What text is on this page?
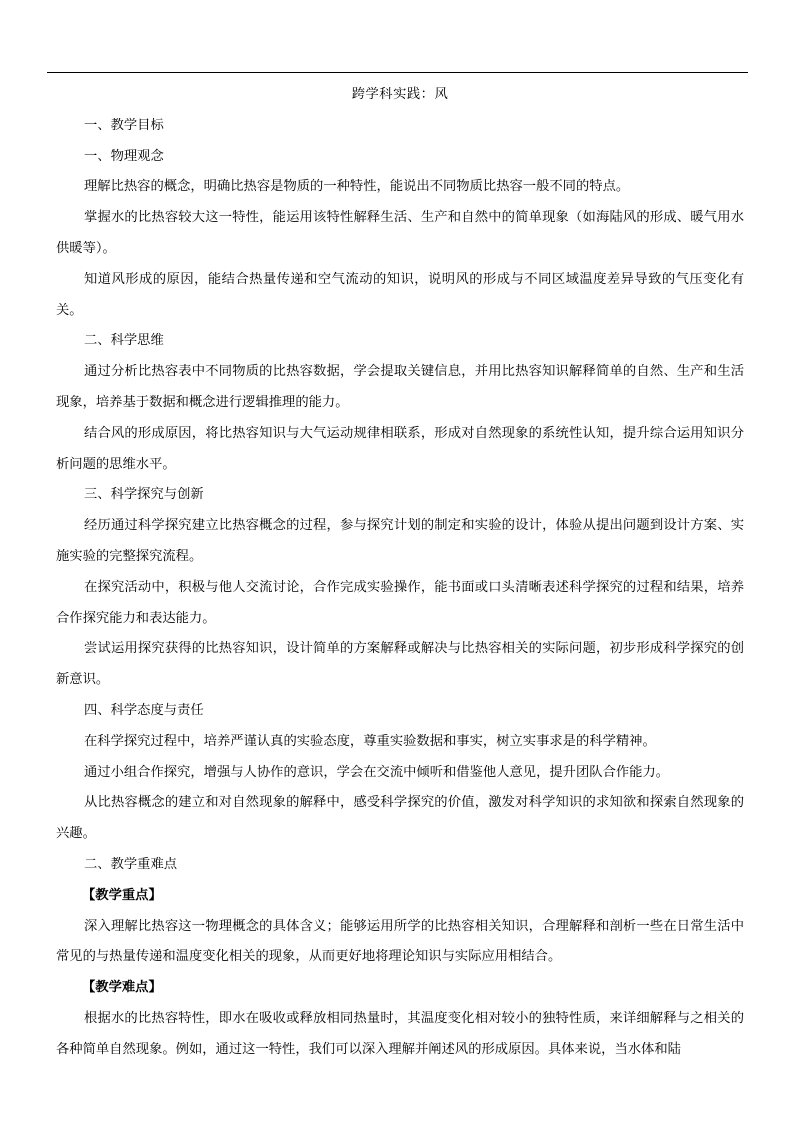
跨学科实践：风

一、教学目标

一、物理观念

理解比热容的概念，明确比热容是物质的一种特性，能说出不同物质比热容一般不同的特点。

掌握水的比热容较大这一特性，能运用该特性解释生活、生产和自然中的简单现象（如海陆风的形成、暖气用水供暖等）。

知道风形成的原因，能结合热量传递和空气流动的知识，说明风的形成与不同区域温度差异导致的气压变化有关。

二、科学思维

通过分析比热容表中不同物质的比热容数据，学会提取关键信息，并用比热容知识解释简单的自然、生产和生活现象，培养基于数据和概念进行逻辑推理的能力。

结合风的形成原因，将比热容知识与大气运动规律相联系，形成对自然现象的系统性认知，提升综合运用知识分析问题的思维水平。

三、科学探究与创新

经历通过科学探究建立比热容概念的过程，参与探究计划的制定和实验的设计，体验从提出问题到设计方案、实施实验的完整探究流程。

在探究活动中，积极与他人交流讨论，合作完成实验操作，能书面或口头清晰表述科学探究的过程和结果，培养合作探究能力和表达能力。

尝试运用探究获得的比热容知识，设计简单的方案解释或解决与比热容相关的实际问题，初步形成科学探究的创新意识。

四、科学态度与责任

在科学探究过程中，培养严谨认真的实验态度，尊重实验数据和事实，树立实事求是的科学精神。

通过小组合作探究，增强与人协作的意识，学会在交流中倾听和借鉴他人意见，提升团队合作能力。

从比热容概念的建立和对自然现象的解释中，感受科学探究的价值，激发对科学知识的求知欲和探索自然现象的兴趣。

二、教学重难点

【教学重点】

深入理解比热容这一物理概念的具体含义；能够运用所学的比热容相关知识，合理解释和剖析一些在日常生活中常见的与热量传递和温度变化相关的现象，从而更好地将理论知识与实际应用相结合。

【教学难点】

根据水的比热容特性，即水在吸收或释放相同热量时，其温度变化相对较小的独特性质，来详细解释与之相关的各种简单自然现象。例如，通过这一特性，我们可以深入理解并阐述风的形成原因。具体来说，当水体和陆
